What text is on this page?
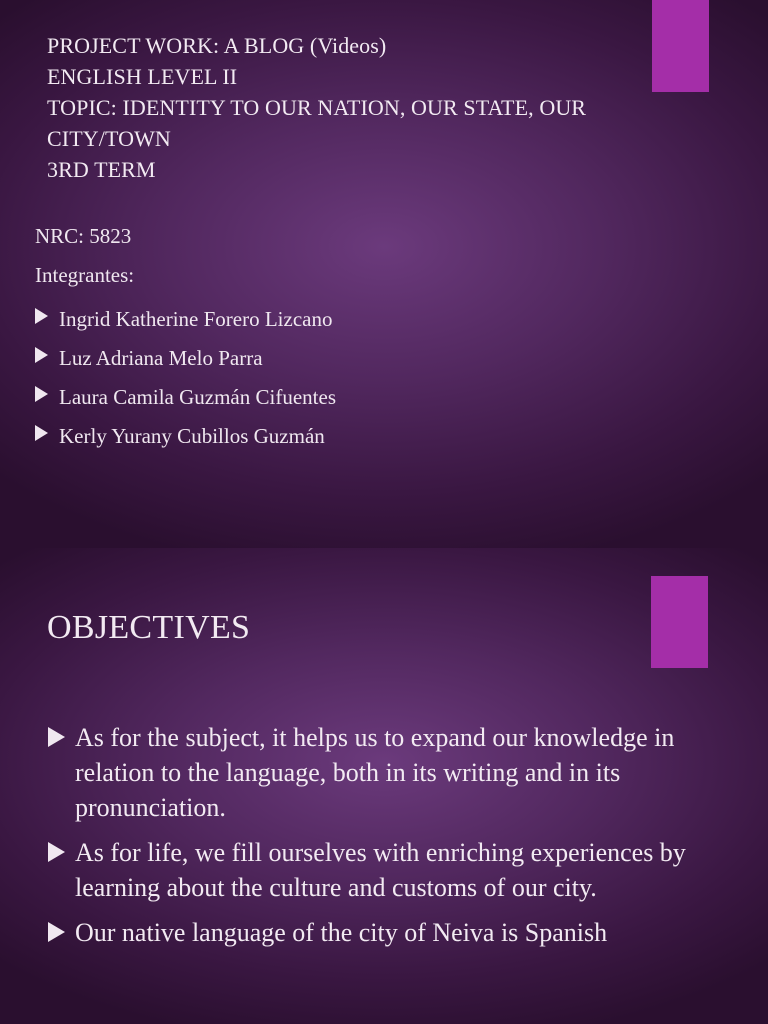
PROJECT WORK: A BLOG (Videos)
ENGLISH LEVEL II
TOPIC: IDENTITY TO OUR NATION, OUR STATE, OUR
CITY/TOWN
3RD TERM
NRC: 5823
Integrantes:
Ingrid Katherine Forero Lizcano
Luz Adriana Melo Parra
Laura Camila Guzmán Cifuentes
Kerly Yurany Cubillos Guzmán
OBJECTIVES
As for the subject, it helps us to expand our knowledge in relation to the language, both in its writing and in its pronunciation.
As for life, we fill ourselves with enriching experiences by learning about the culture and customs of our city.
Our native language of the city of Neiva is Spanish
